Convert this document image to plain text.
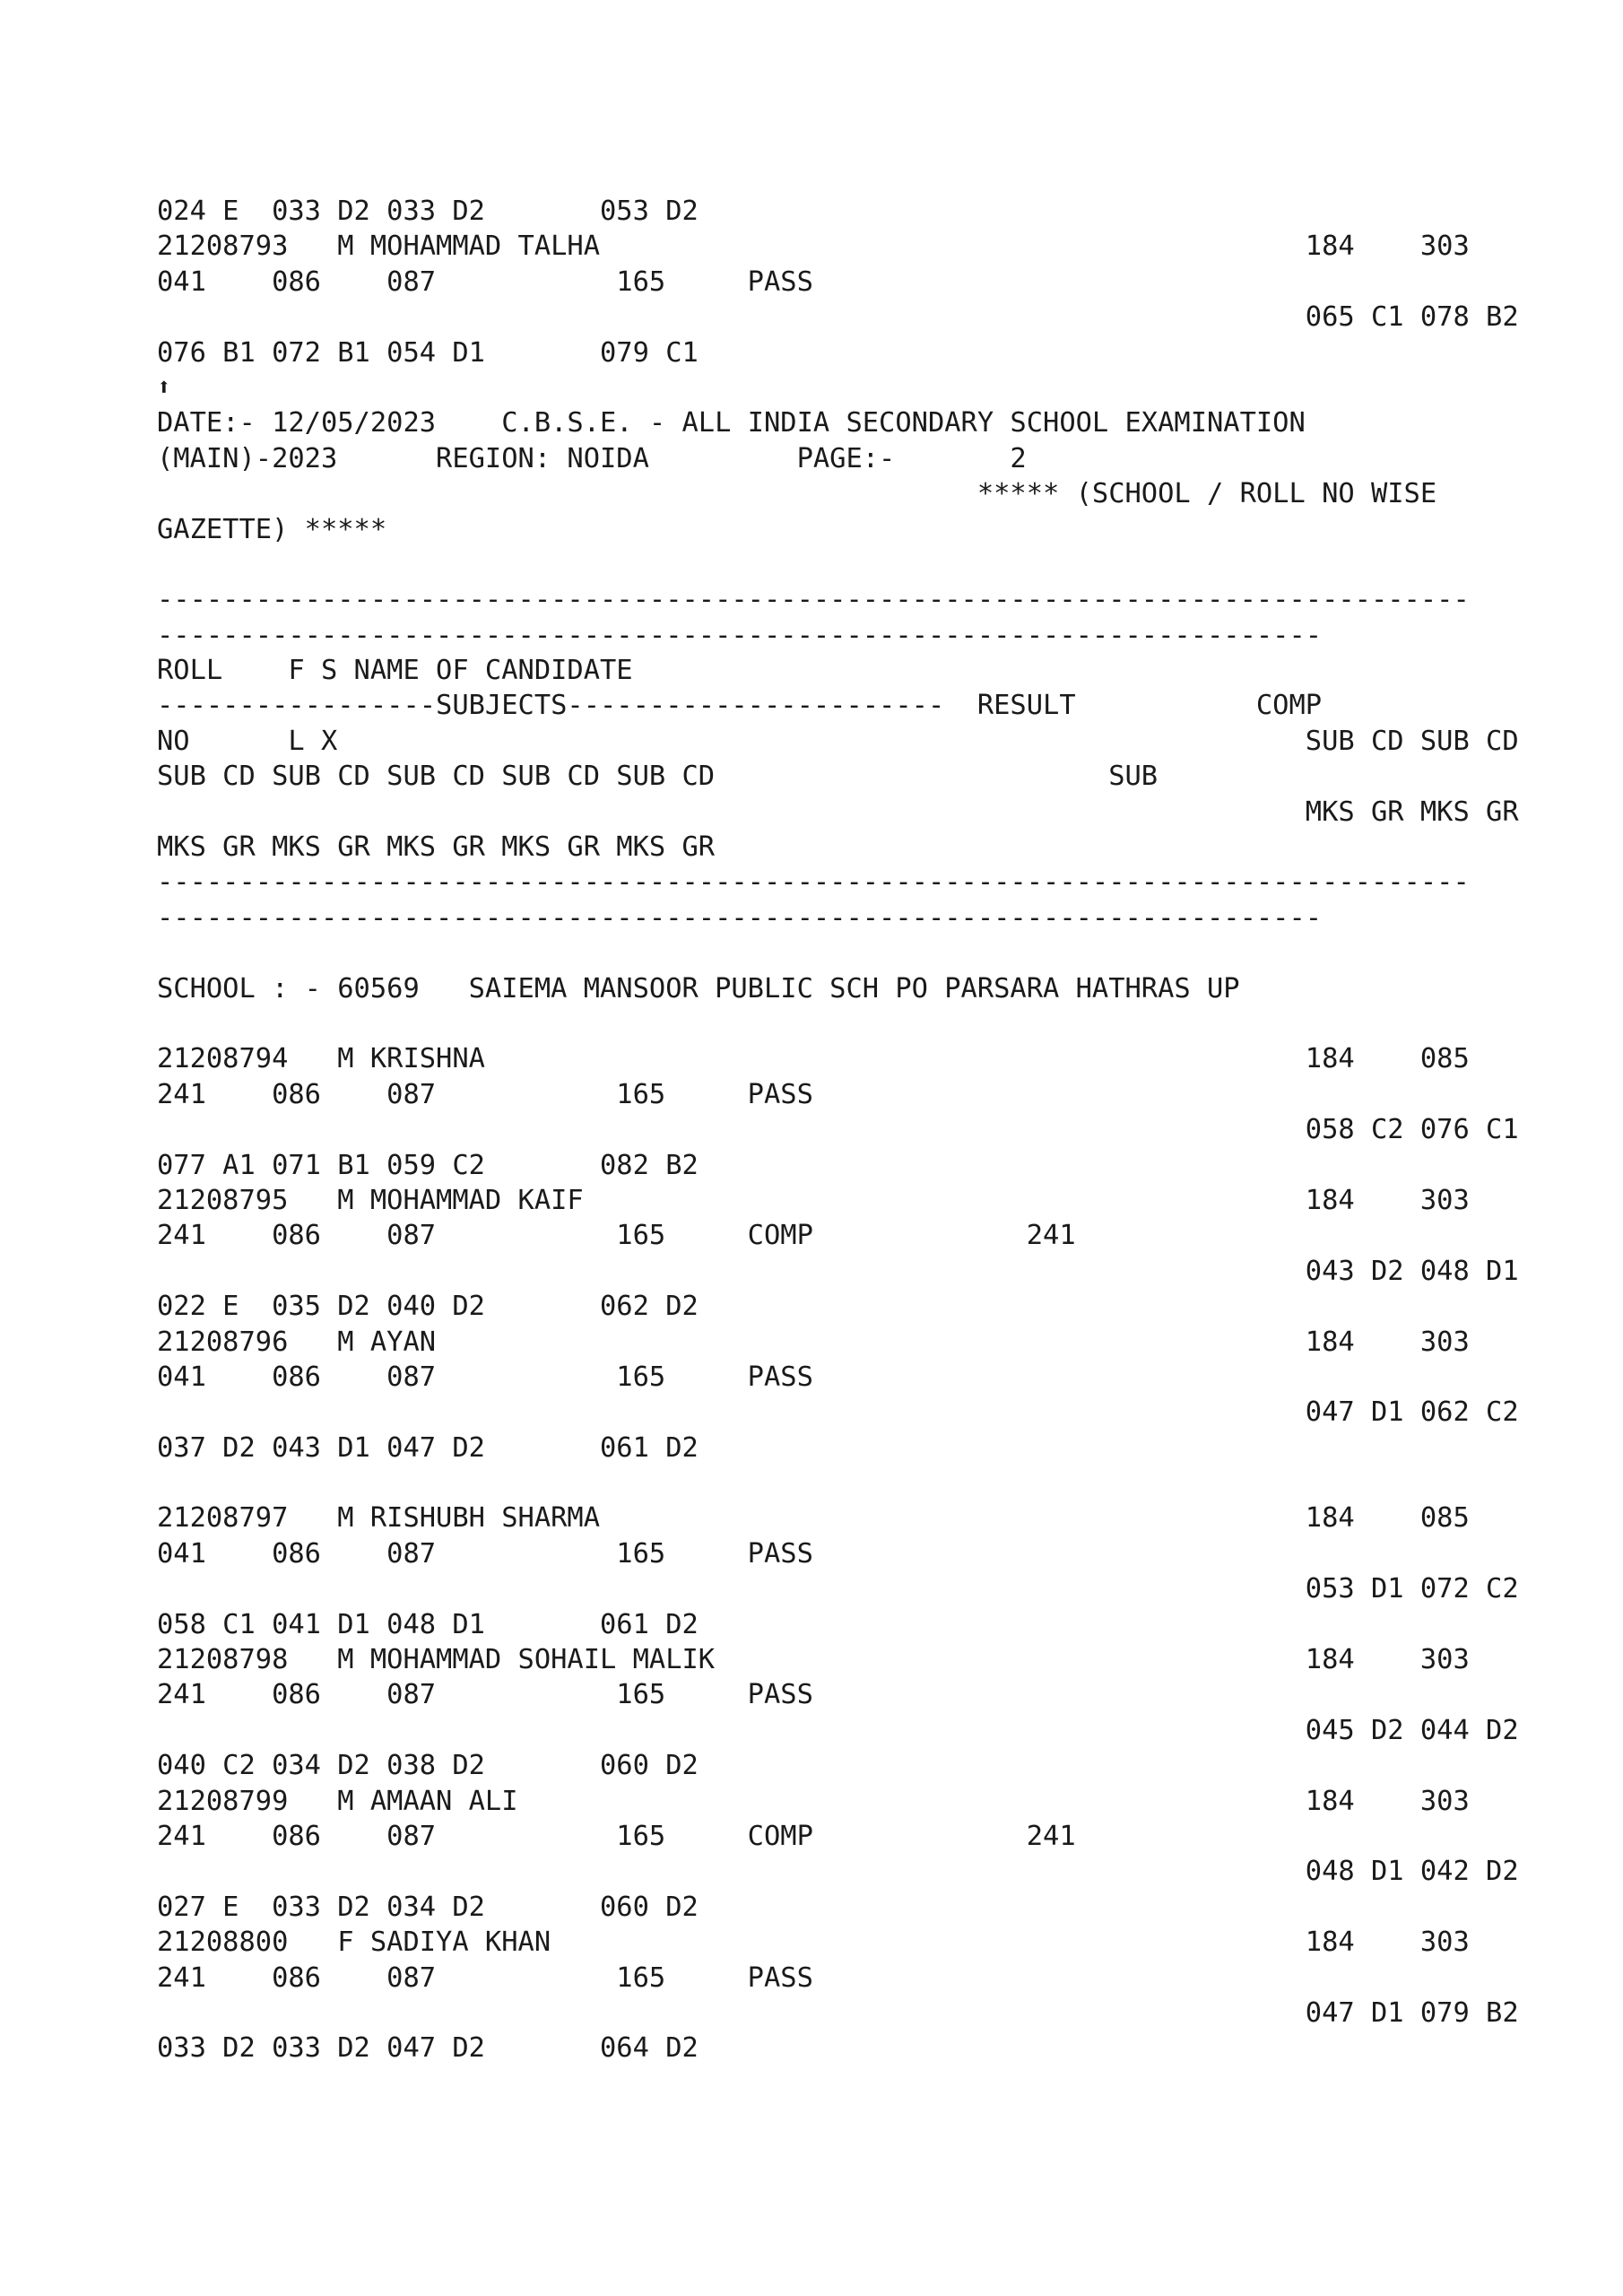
024 E  033 D2 033 D2       053 D2
21208793   M MOHAMMAD TALHA                                           184    303
041    086    087           165     PASS
065 C1 078 B2
076 B1 072 B1 054 D1       079 C1
⬆
DATE:- 12/05/2023    C.B.S.E. - ALL INDIA SECONDARY SCHOOL EXAMINATION
(MAIN)-2023      REGION: NOIDA         PAGE:-       2
***** (SCHOOL / ROLL NO WISE
GAZETTE) *****
--------------------------------------------------------------------------------
-----------------------------------------------------------------------
ROLL    F S NAME OF CANDIDATE
-----------------SUBJECTS-----------------------  RESULT           COMP
NO      L X                                                           SUB CD SUB CD
SUB CD SUB CD SUB CD SUB CD SUB CD                        SUB
MKS GR MKS GR
MKS GR MKS GR MKS GR MKS GR MKS GR
--------------------------------------------------------------------------------
-----------------------------------------------------------------------
SCHOOL : - 60569   SAIEMA MANSOOR PUBLIC SCH PO PARSARA HATHRAS UP
21208794   M KRISHNA                                                  184    085
241    086    087           165     PASS
058 C2 076 C1
077 A1 071 B1 059 C2       082 B2
21208795   M MOHAMMAD KAIF                                            184    303
241    086    087           165     COMP             241
043 D2 048 D1
022 E  035 D2 040 D2       062 D2
21208796   M AYAN                                                     184    303
041    086    087           165     PASS
047 D1 062 C2
037 D2 043 D1 047 D2       061 D2
21208797   M RISHUBH SHARMA                                           184    085
041    086    087           165     PASS
053 D1 072 C2
058 C1 041 D1 048 D1       061 D2
21208798   M MOHAMMAD SOHAIL MALIK                                    184    303
241    086    087           165     PASS
045 D2 044 D2
040 C2 034 D2 038 D2       060 D2
21208799   M AMAAN ALI                                                184    303
241    086    087           165     COMP             241
048 D1 042 D2
027 E  033 D2 034 D2       060 D2
21208800   F SADIYA KHAN                                              184    303
241    086    087           165     PASS
047 D1 079 B2
033 D2 033 D2 047 D2       064 D2
